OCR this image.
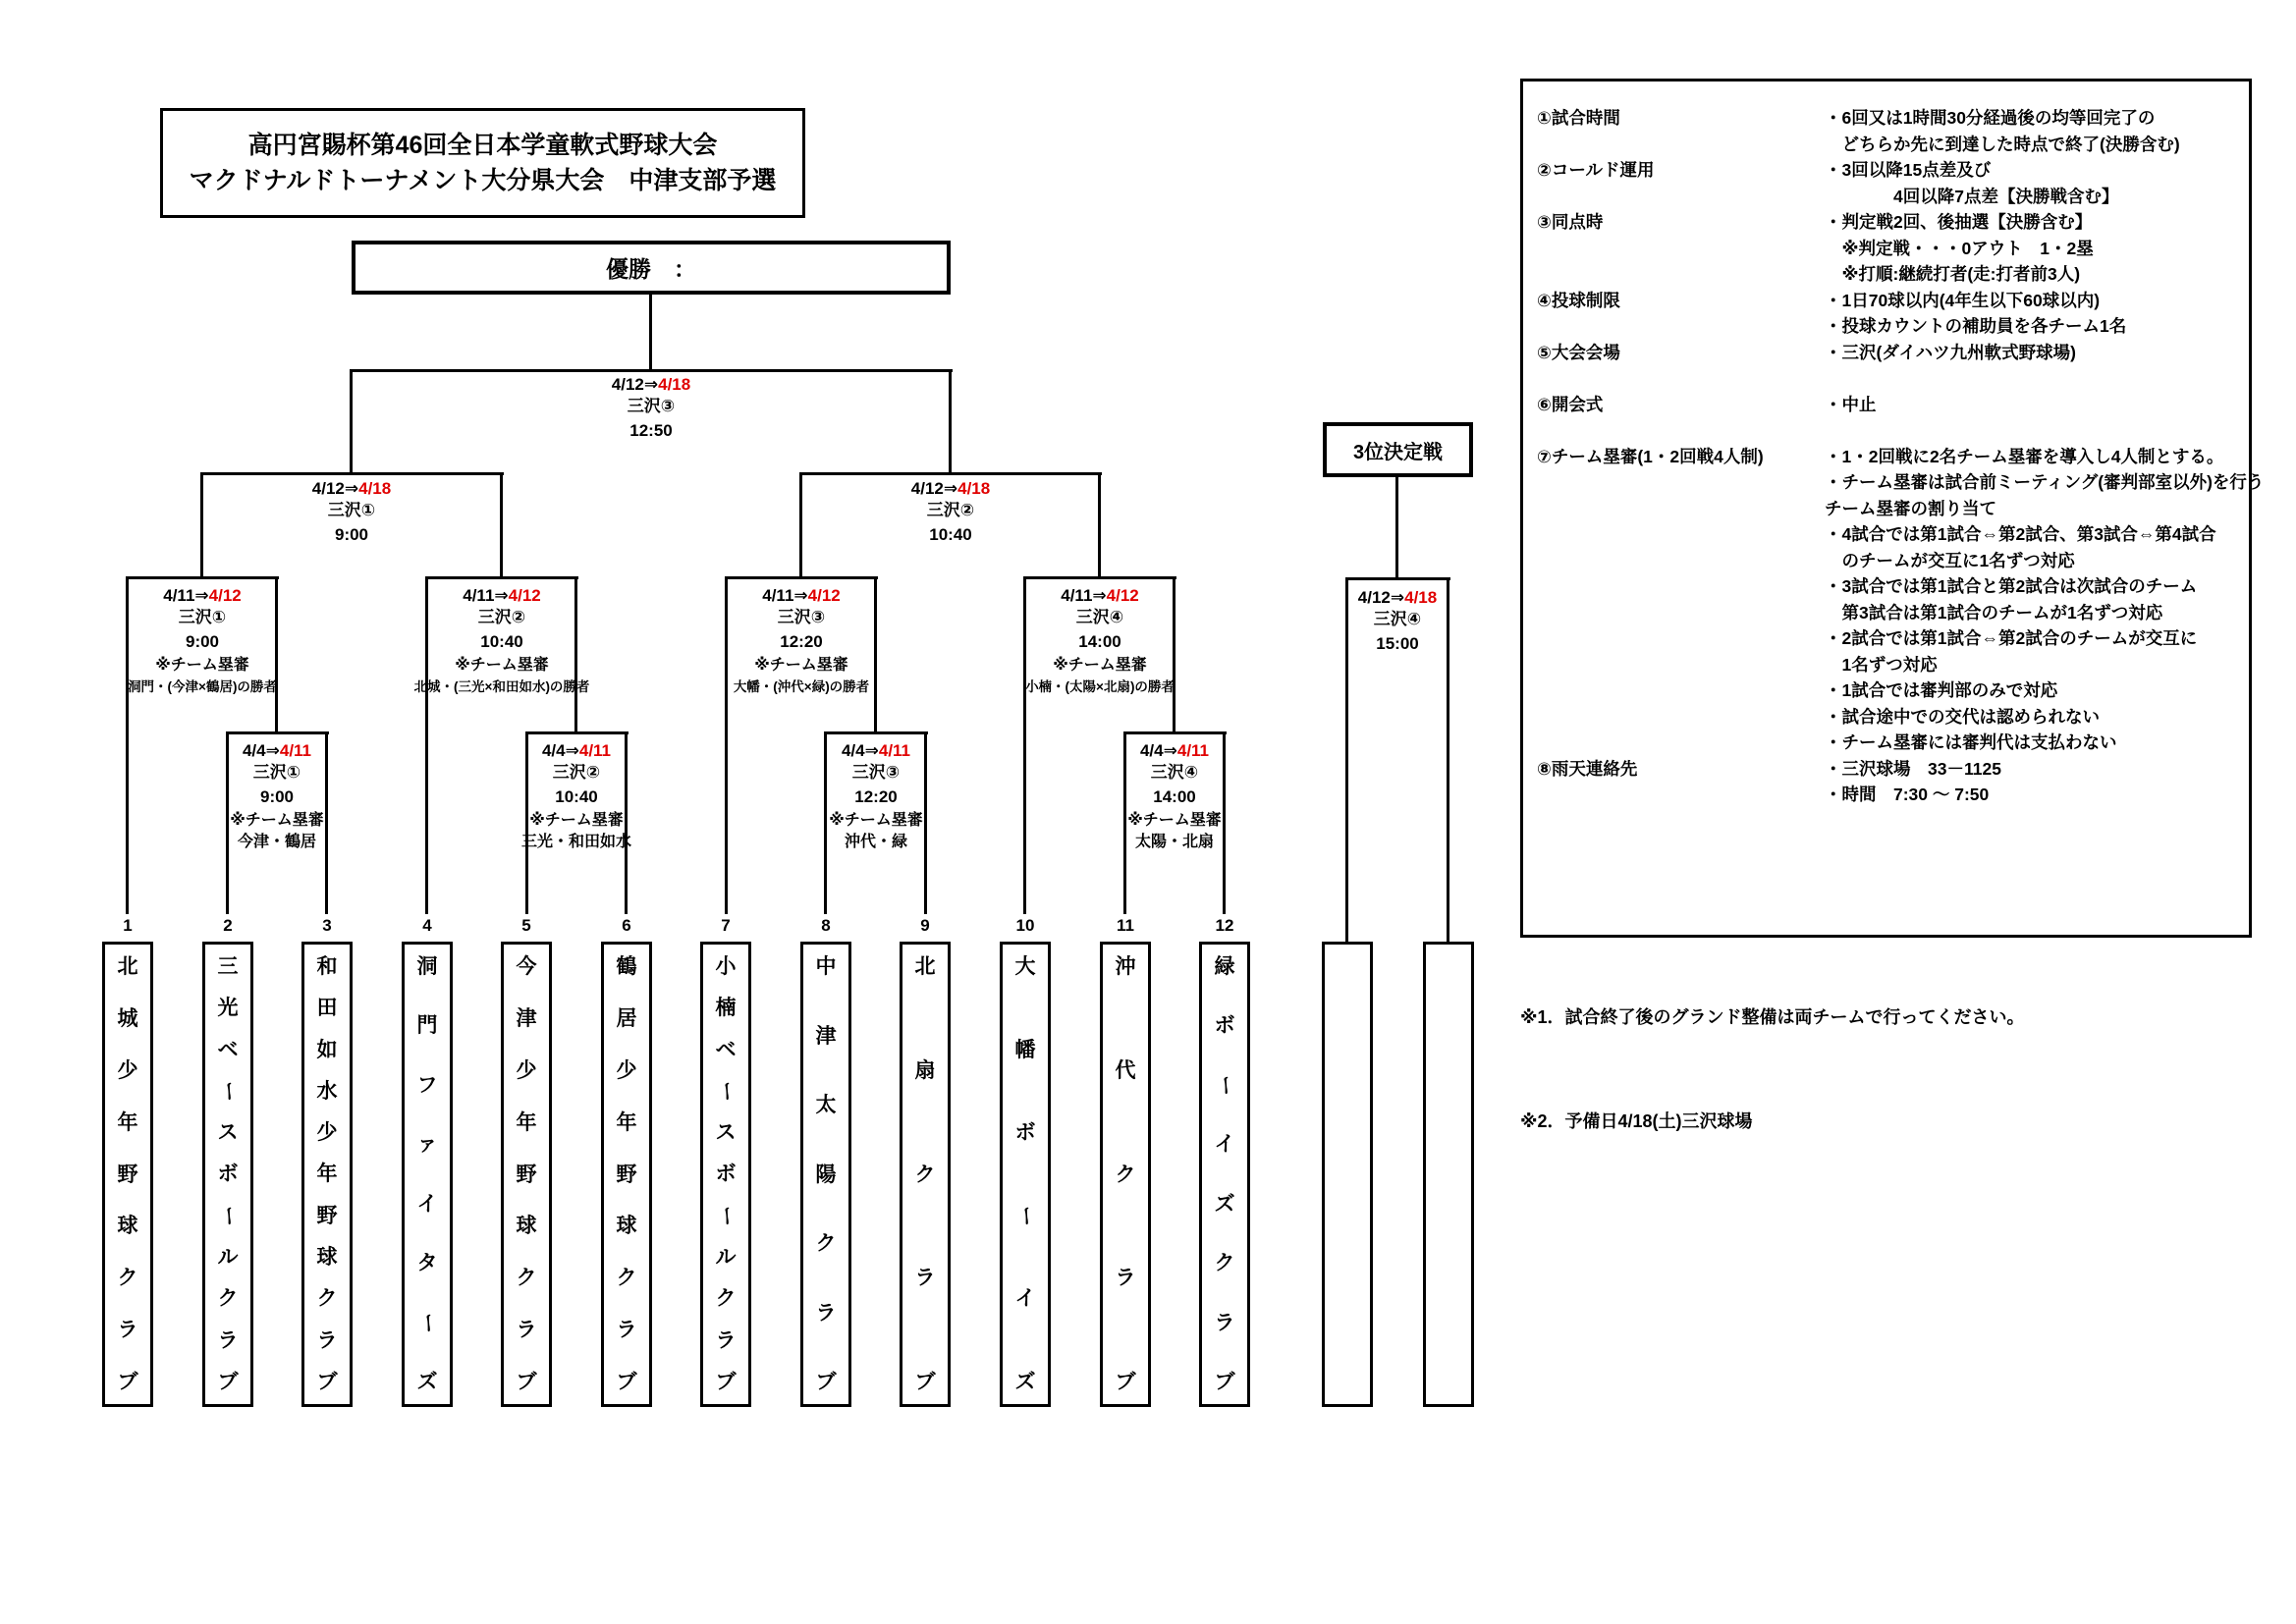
高円宮賜杯第46回全日本学童軟式野球大会
マクドナルドトーナメント大分県大会　中津支部予選
優勝　：
3位決定戦
4/12⇒4/18
三沢③
12:50
4/12⇒4/18
三沢①
9:00
4/12⇒4/18
三沢②
10:40
4/11⇒4/12
三沢①
9:00
※チーム塁審
洞門・(今津×鶴居)の勝者
4/11⇒4/12
三沢②
10:40
※チーム塁審
北城・(三光×和田如水)の勝者
4/11⇒4/12
三沢③
12:20
※チーム塁審
大幡・(沖代×緑)の勝者
4/11⇒4/12
三沢④
14:00
※チーム塁審
小楠・(太陽×北扇)の勝者
4/4⇒4/11
三沢①
9:00
※チーム塁審
今津・鶴居
4/4⇒4/11
三沢②
10:40
※チーム塁審
三光・和田如水
4/4⇒4/11
三沢③
12:20
※チーム塁審
沖代・緑
4/4⇒4/11
三沢④
14:00
※チーム塁審
太陽・北扇
4/12⇒4/18
三沢④
15:00
1
北
城
少
年
野
球
ク
ラ
ブ
2
三
光
ベ
ー
ス
ボ
ー
ル
ク
ラ
ブ
3
和
田
如
水
少
年
野
球
ク
ラ
ブ
4
洞
門
フ
ァ
イ
タ
ー
ズ
5
今
津
少
年
野
球
ク
ラ
ブ
6
鶴
居
少
年
野
球
ク
ラ
ブ
7
小
楠
ベ
ー
ス
ボ
ー
ル
ク
ラ
ブ
8
中
津
太
陽
ク
ラ
ブ
9
北
扇
ク
ラ
ブ
10
大
幡
ボ
ー
イ
ズ
11
沖
代
ク
ラ
ブ
12
緑
ボ
ー
イ
ズ
ク
ラ
ブ
①試合時間	・6回又は1時間30分経過後の均等回完了の
　どちらか先に到達した時点で終了(決勝含む)
②コールド運用	・3回以降15点差及び
　　　　4回以降7点差【決勝戦含む】
③同点時	・判定戦2回、後抽選【決勝含む】
　※判定戦・・・0アウト　1・2塁
　※打順:継続打者(走:打者前3人)
④投球制限	・1日70球以内(4年生以下60球以内)
・投球カウントの補助員を各チーム1名
⑤大会会場	・三沢(ダイハツ九州軟式野球場)
⑥開会式	・中止
⑦チーム塁審(1・2回戦4人制)	・1・2回戦に2名チーム塁審を導入し4人制とする。
・チーム塁審は試合前ミーティング(審判部室以外)を行う
チーム塁審の割り当て
・4試合では第1試合⇔第2試合、第3試合⇔第4試合
　のチームが交互に1名ずつ対応
・3試合では第1試合と第2試合は次試合のチーム
　第3試合は第1試合のチームが1名ずつ対応
・2試合では第1試合⇔第2試合のチームが交互に
　1名ずつ対応
・1試合では審判部のみで対応
・試合途中での交代は認められない
・チーム塁審には審判代は支払わない
⑧雨天連絡先	・三沢球場　33－1125
・時間　7:30 ～ 7:50
※1．試合終了後のグランド整備は両チームで行ってください。
※2．予備日4/18(土)三沢球場
